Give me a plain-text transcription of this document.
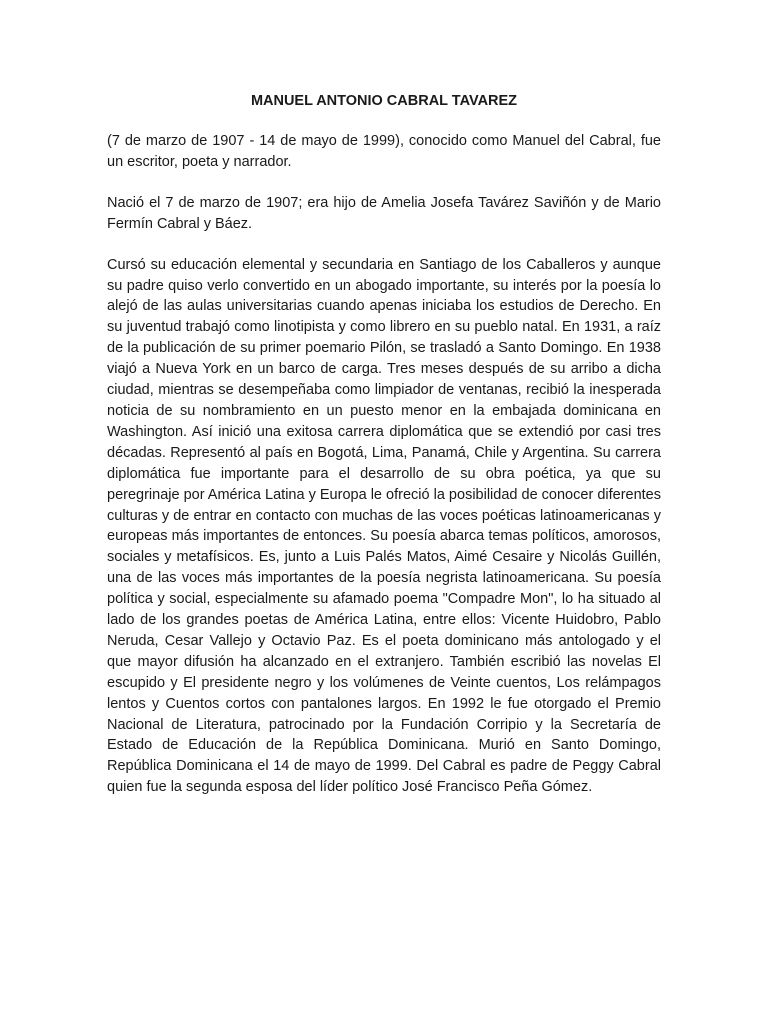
MANUEL ANTONIO CABRAL TAVAREZ

(7 de marzo de 1907 - 14 de mayo de 1999), conocido como Manuel del Cabral, fue un escritor, poeta y narrador.

Nació el 7 de marzo de 1907; era hijo de Amelia Josefa Tavárez Saviñón y de Mario Fermín Cabral y Báez.

Cursó su educación elemental y secundaria en Santiago de los Caballeros y aunque su padre quiso verlo convertido en un abogado importante, su interés por la poesía lo alejó de las aulas universitarias cuando apenas iniciaba los estudios de Derecho. En su juventud trabajó como linotipista y como librero en su pueblo natal. En 1931, a raíz de la publicación de su primer poemario Pilón, se trasladó a Santo Domingo. En 1938 viajó a Nueva York en un barco de carga. Tres meses después de su arribo a dicha ciudad, mientras se desempeñaba como limpiador de ventanas, recibió la inesperada noticia de su nombramiento en un puesto menor en la embajada dominicana en Washington. Así inició una exitosa carrera diplomática que se extendió por casi tres décadas. Representó al país en Bogotá, Lima, Panamá, Chile y Argentina. Su carrera diplomática fue importante para el desarrollo de su obra poética, ya que su peregrinaje por América Latina y Europa le ofreció la posibilidad de conocer diferentes culturas y de entrar en contacto con muchas de las voces poéticas latinoamericanas y europeas más importantes de entonces. Su poesía abarca temas políticos, amorosos, sociales y metafísicos. Es, junto a Luis Palés Matos, Aimé Cesaire y Nicolás Guillén, una de las voces más importantes de la poesía negrista latinoamericana. Su poesía política y social, especialmente su afamado poema "Compadre Mon", lo ha situado al lado de los grandes poetas de América Latina, entre ellos: Vicente Huidobro, Pablo Neruda, Cesar Vallejo y Octavio Paz. Es el poeta dominicano más antologado y el que mayor difusión ha alcanzado en el extranjero. También escribió las novelas El escupido y El presidente negro y los volúmenes de Veinte cuentos, Los relámpagos lentos y Cuentos cortos con pantalones largos. En 1992 le fue otorgado el Premio Nacional de Literatura, patrocinado por la Fundación Corripio y la Secretaría de Estado de Educación de la República Dominicana. Murió en Santo Domingo, República Dominicana el 14 de mayo de 1999. Del Cabral es padre de Peggy Cabral quien fue la segunda esposa del líder político José Francisco Peña Gómez.
